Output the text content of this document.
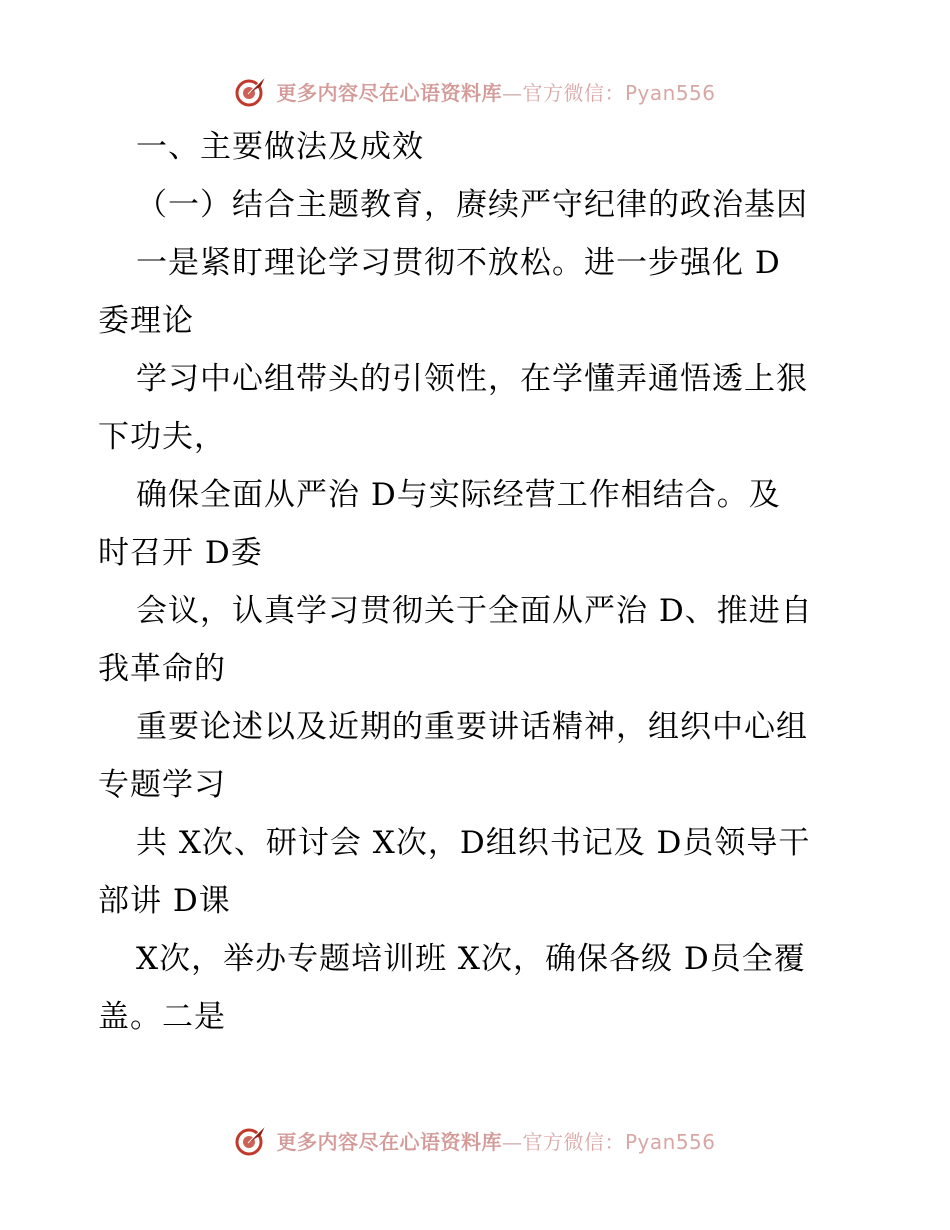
更多内容尽在心语资料库—官方微信：Pyan556
一、主要做法及成效
（一）结合主题教育，赓续严守纪律的政治基因
一是紧盯理论学习贯彻不放松。进一步强化 D
委理论
学习中心组带头的引领性，在学懂弄通悟透上狠
下功夫，
确保全面从严治 D与实际经营工作相结合。及
时召开 D委
会议，认真学习贯彻关于全面从严治 D、推进自
我革命的
重要论述以及近期的重要讲话精神，组织中心组
专题学习
共 X次、研讨会 X次，D组织书记及 D员领导干
部讲 D课
X次，举办专题培训班 X次，确保各级 D员全覆
盖。二是
更多内容尽在心语资料库—官方微信：Pyan556
